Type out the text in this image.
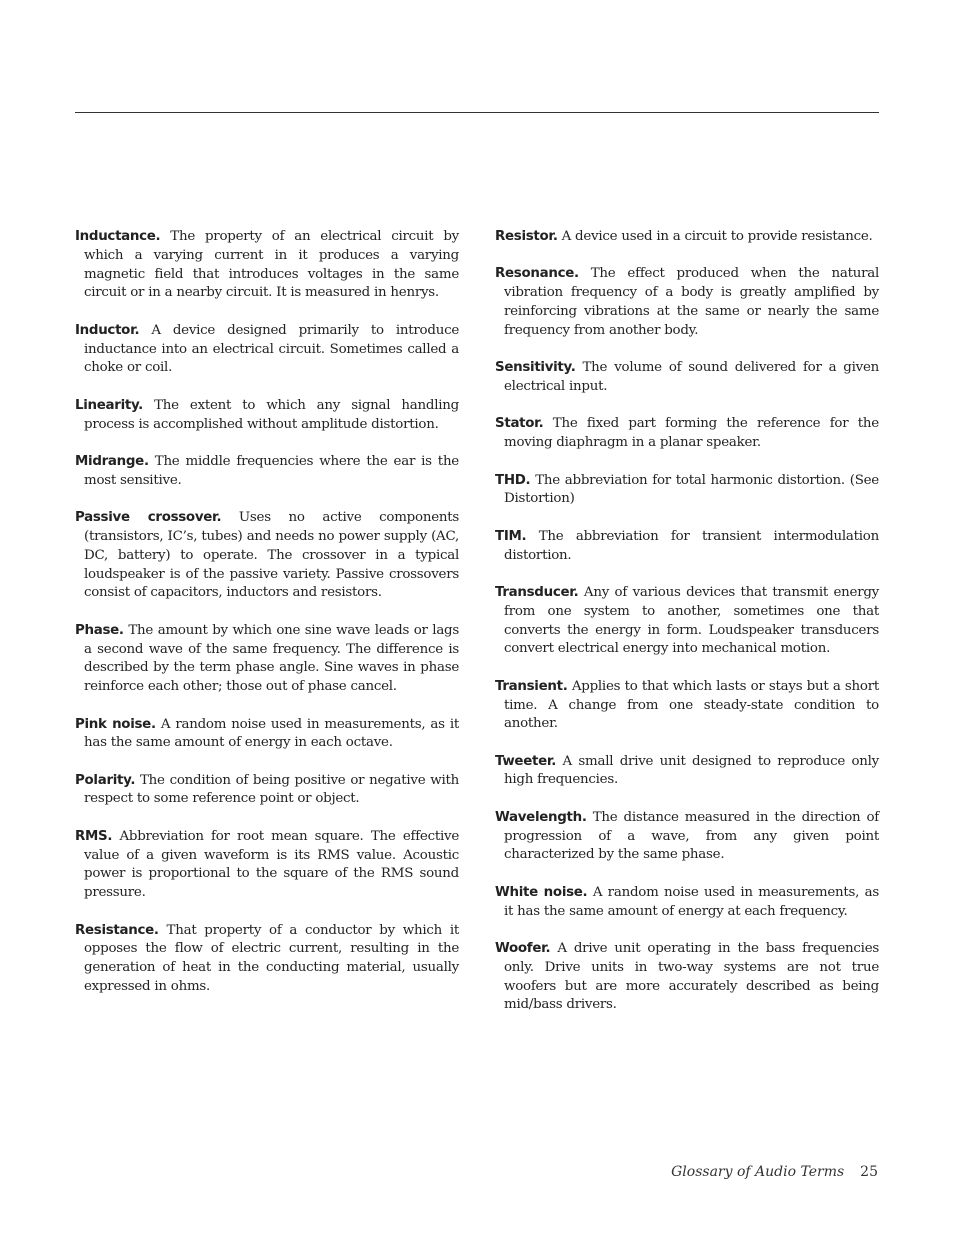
Inductance. The property of an electrical circuit by which a varying current in it produces a varying magnetic field that introduces voltages in the same circuit or in a nearby circuit. It is measured in henrys.

Inductor. A device designed primarily to introduce inductance into an electrical circuit. Sometimes called a choke or coil.

Linearity. The extent to which any signal handling process is accomplished without amplitude distortion.

Midrange. The middle frequencies where the ear is the most sensitive.

Passive crossover. Uses no active components (transistors, IC’s, tubes) and needs no power supply (AC, DC, battery) to operate. The crossover in a typical loudspeaker is of the passive variety. Passive crossovers consist of capacitors, inductors and resistors.

Phase. The amount by which one sine wave leads or lags a second wave of the same frequency. The difference is described by the term phase angle. Sine waves in phase reinforce each other; those out of phase cancel.

Pink noise. A random noise used in measurements, as it has the same amount of energy in each octave.

Polarity. The condition of being positive or negative with respect to some reference point or object.

RMS. Abbreviation for root mean square. The effective value of a given waveform is its RMS value. Acoustic power is proportional to the square of the RMS sound pressure.

Resistance. That property of a conductor by which it opposes the flow of electric current, resulting in the generation of heat in the conducting material, usually expressed in ohms.

Resistor. A device used in a circuit to provide resistance.

Resonance. The effect produced when the natural vibration frequency of a body is greatly amplified by reinforcing vibrations at the same or nearly the same frequency from another body.

Sensitivity. The volume of sound delivered for a given electrical input.

Stator. The fixed part forming the reference for the moving diaphragm in a planar speaker.

THD. The abbreviation for total harmonic distortion. (See Distortion)

TIM. The abbreviation for transient intermodulation distortion.

Transducer. Any of various devices that transmit energy from one system to another, sometimes one that converts the energy in form. Loudspeaker transducers convert electrical energy into mechanical motion.

Transient. Applies to that which lasts or stays but a short time. A change from one steady-state condition to another.

Tweeter. A small drive unit designed to reproduce only high frequencies.

Wavelength. The distance measured in the direction of progression of a wave, from any given point characterized by the same phase.

White noise. A random noise used in measurements, as it has the same amount of energy at each frequency.

Woofer. A drive unit operating in the bass frequencies only. Drive units in two-way systems are not true woofers but are more accurately described as being mid/bass drivers.

Glossary of Audio Terms 25
